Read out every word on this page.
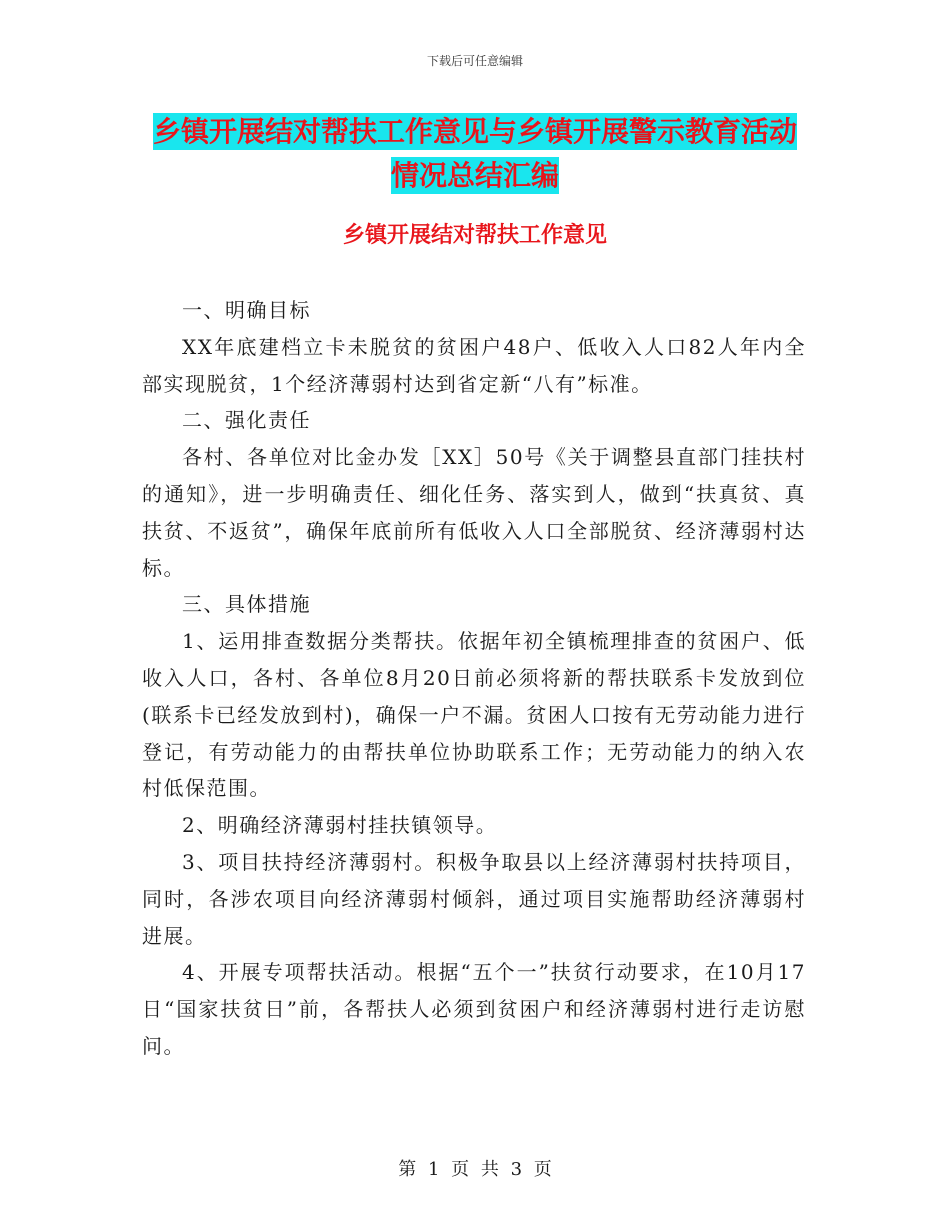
下载后可任意编辑
乡镇开展结对帮扶工作意见与乡镇开展警示教育活动
情况总结汇编
乡镇开展结对帮扶工作意见

一、明确目标

XX年底建档立卡未脱贫的贫困户48户、低收入人口82人年内全部实现脱贫，1个经济薄弱村达到省定新“八有”标准。

二、强化责任

各村、各单位对比金办发［XX］50号《关于调整县直部门挂扶村的通知》，进一步明确责任、细化任务、落实到人，做到“扶真贫、真扶贫、不返贫”，确保年底前所有低收入人口全部脱贫、经济薄弱村达标。

三、具体措施

1、运用排查数据分类帮扶。依据年初全镇梳理排查的贫困户、低收入人口，各村、各单位8月20日前必须将新的帮扶联系卡发放到位(联系卡已经发放到村)，确保一户不漏。贫困人口按有无劳动能力进行登记，有劳动能力的由帮扶单位协助联系工作；无劳动能力的纳入农村低保范围。

2、明确经济薄弱村挂扶镇领导。

3、项目扶持经济薄弱村。积极争取县以上经济薄弱村扶持项目，同时，各涉农项目向经济薄弱村倾斜，通过项目实施帮助经济薄弱村进展。

4、开展专项帮扶活动。根据“五个一”扶贫行动要求，在10月17日“国家扶贫日”前，各帮扶人必须到贫困户和经济薄弱村进行走访慰问。

第 1 页 共 3 页
